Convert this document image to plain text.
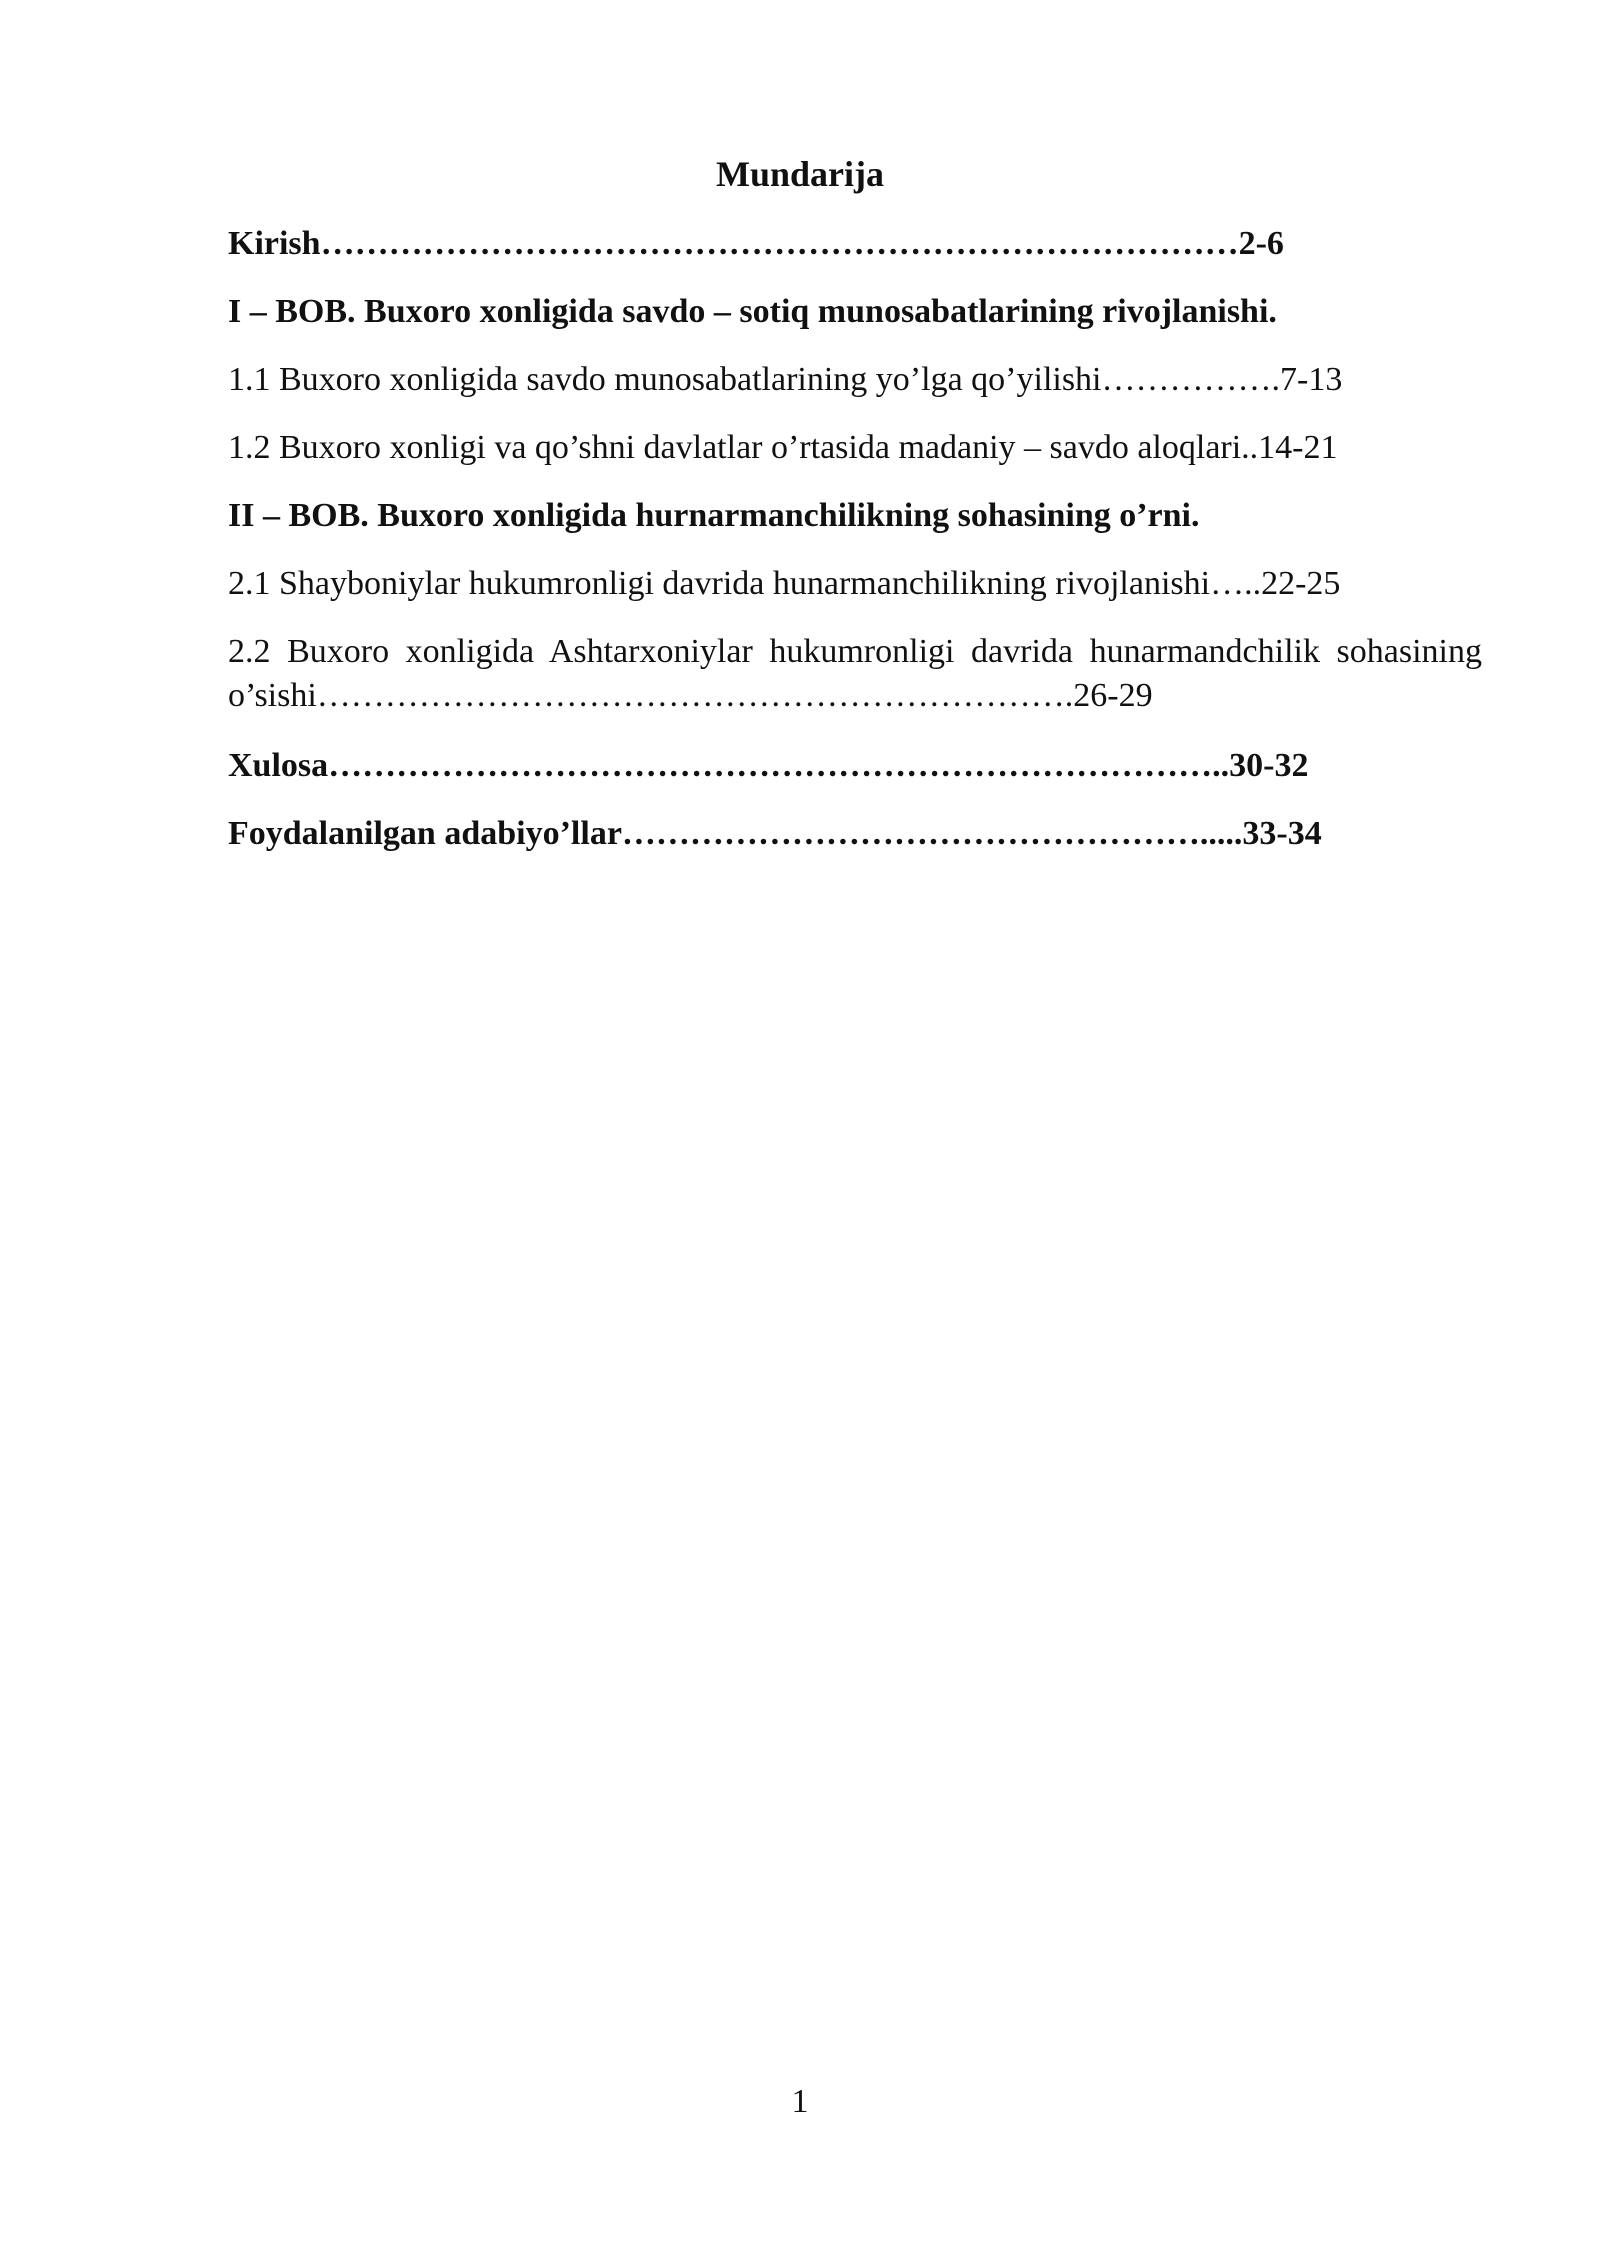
Mundarija
Kirish………………………………………………………………………2-6
I – BOB. Buxoro xonligida savdo – sotiq munosabatlarining rivojlanishi.
1.1 Buxoro xonligida savdo munosabatlarining yo’lga qo’yilishi…………….7-13
1.2 Buxoro xonligi va qo’shni davlatlar o’rtasida madaniy – savdo aloqlari..14-21
II – BOB. Buxoro xonligida hurnarmanchilikning sohasining o’rni.
2.1 Shayboniylar hukumronligi davrida hunarmanchilikning rivojlanishi…..22-25
2.2 Buxoro xonligida Ashtarxoniylar hukumronligi davrida hunarmandchilik sohasining o’sishi………………………………………………………….26-29
Xulosa……………………………………………………………………..30-32
Foydalanilgan adabiyo’llar…………………………………………….....33-34
1
